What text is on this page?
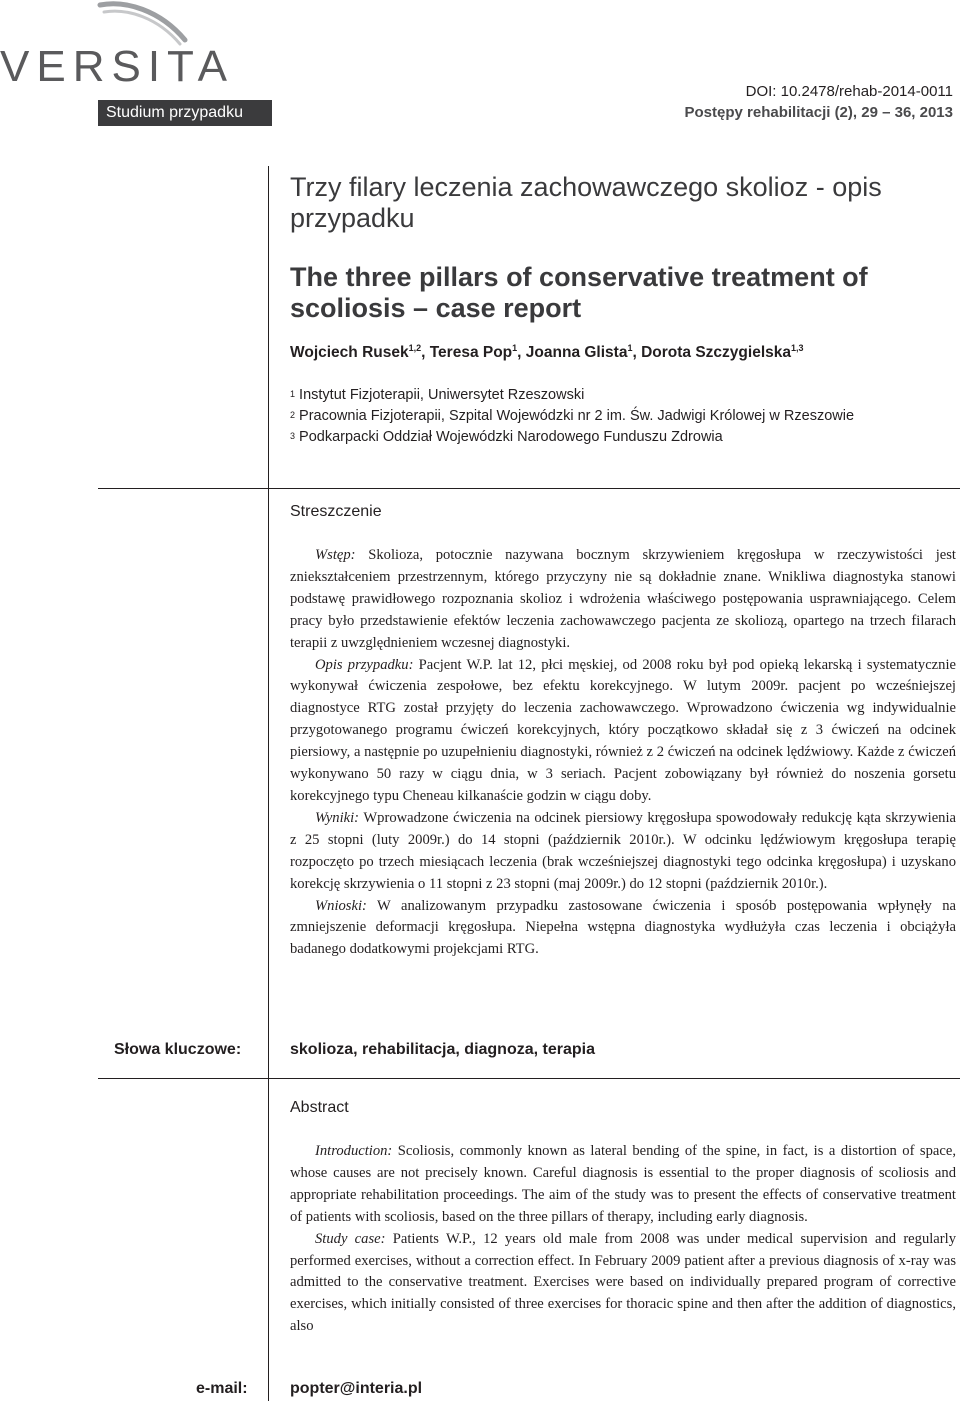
VERSITA
Studium przypadku
DOI: 10.2478/rehab-2014-0011
Postępy rehabilitacji (2), 29 – 36, 2013
Trzy filary leczenia zachowawczego skolioz - opis przypadku
The three pillars of conservative treatment of scoliosis – case report
Wojciech Rusek$^{1,2}$, Teresa Pop$^1$, Joanna Glista$^1$, Dorota Szczygielska$^{1,3}$
$^1$ Instytut Fizjoterapii, Uniwersytet Rzeszowski
$^2$ Pracownia Fizjoterapii, Szpital Wojewódzki nr 2 im. Św. Jadwigi Królowej w Rzeszowie
$^3$ Podkarpacki Oddział Wojewódzki Narodowego Funduszu Zdrowia
Streszczenie

Wstęp: Skolioza, potocznie nazywana bocznym skrzywieniem kręgosłupa w rzeczywistości jest zniekształceniem przestrzennym, którego przyczyny nie są dokładnie znane. Wnikliwa diagnostyka stanowi podstawę prawidłowego rozpoznania skolioz i wdrożenia właściwego postępowania usprawniającego. Celem pracy było przedstawienie efektów leczenia zachowawczego pacjenta ze skoliozą, opartego na trzech filarach terapii z uwzględnieniem wczesnej diagnostyki.

Opis przypadku: Pacjent W.P. lat 12, płci męskiej, od 2008 roku był pod opieką lekarską i systematycznie wykonywał ćwiczenia zespołowe, bez efektu korekcyjnego. W lutym 2009r. pacjent po wcześniejszej diagnostyce RTG został przyjęty do leczenia zachowawczego. Wprowadzono ćwiczenia wg indywidualnie przygotowanego programu ćwiczeń korekcyjnych, który początkowo składał się z 3 ćwiczeń na odcinek piersiowy, a następnie po uzupełnieniu diagnostyki, również z 2 ćwiczeń na odcinek lędźwiowy. Każde z ćwiczeń wykonywano 50 razy w ciągu dnia, w 3 seriach. Pacjent zobowiązany był również do noszenia gorsetu korekcyjnego typu Cheneau kilkanaście godzin w ciągu doby.

Wyniki: Wprowadzone ćwiczenia na odcinek piersiowy kręgosłupa spowodowały redukcję kąta skrzywienia z 25 stopni (luty 2009r.) do 14 stopni (październik 2010r.). W odcinku lędźwiowym kręgosłupa terapię rozpoczęto po trzech miesiącach leczenia (brak wcześniejszej diagnostyki tego odcinka kręgosłupa) i uzyskano korekcję skrzywienia o 11 stopni z 23 stopni (maj 2009r.) do 12 stopni (październik 2010r.).

Wnioski: W analizowanym przypadku zastosowane ćwiczenia i sposób postępowania wpłynęły na zmniejszenie deformacji kręgosłupa. Niepełna wstępna diagnostyka wydłużyła czas leczenia i obciążyła badanego dodatkowymi projekcjami RTG.

Słowa kluczowe:	skolioza, rehabilitacja, diagnoza, terapia
Abstract

Introduction: Scoliosis, commonly known as lateral bending of the spine, in fact, is a distortion of space, whose causes are not precisely known. Careful diagnosis is essential to the proper diagnosis of scoliosis and appropriate rehabilitation proceedings. The aim of the study was to present the effects of conservative treatment of patients with scoliosis, based on the three pillars of therapy, including early diagnosis.

Study case: Patients W.P., 12 years old male from 2008 was under medical supervision and regularly performed exercises, without a correction effect. In February 2009 patient after a previous diagnosis of x-ray was admitted to the conservative treatment. Exercises were based on individually prepared program of corrective exercises, which initially consisted of three exercises for thoracic spine and then after the addition of diagnostics, also

e-mail:	popter@interia.pl
